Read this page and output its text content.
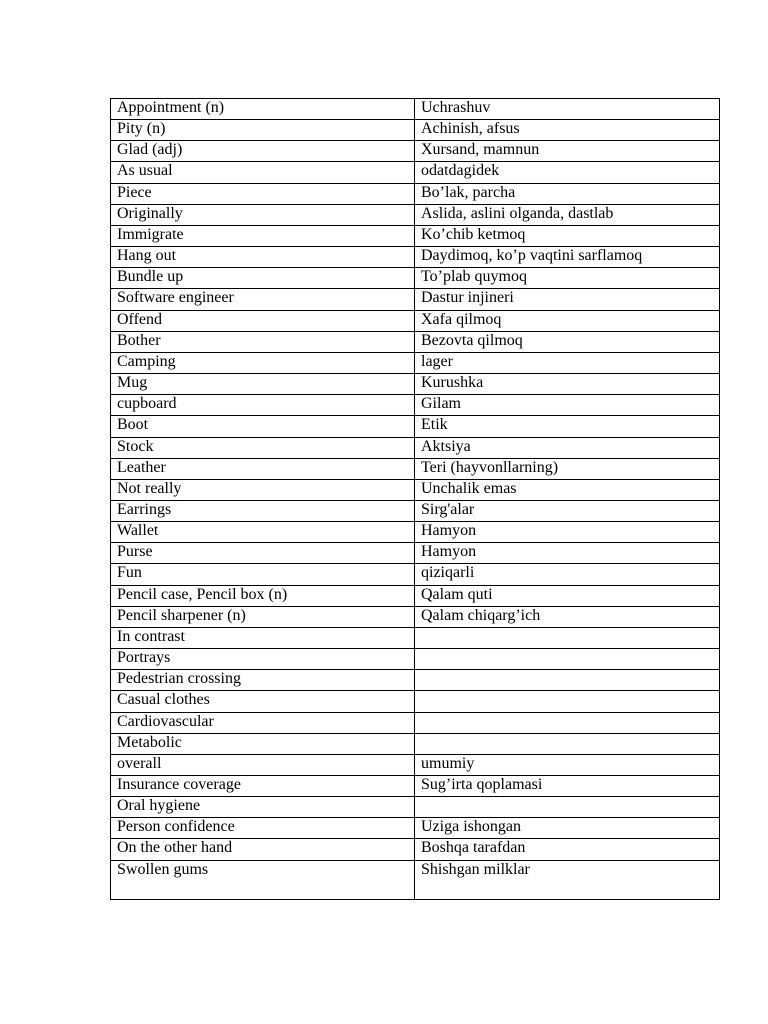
Appointment (n)	Uchrashuv
Pity (n)	Achinish, afsus
Glad (adj)	Xursand, mamnun
As usual	odatdagidek
Piece	Bo’lak, parcha
Originally	Aslida, aslini olganda, dastlab
Immigrate	Ko’chib ketmoq
Hang out	Daydimoq, ko’p vaqtini sarflamoq
Bundle up	To’plab quymoq
Software engineer	Dastur injineri
Offend	Xafa qilmoq
Bother	Bezovta qilmoq
Camping	lager
Mug	Kurushka
cupboard	Gilam
Boot	Etik
Stock	Aktsiya
Leather	Teri (hayvonllarning)
Not really	Unchalik emas
Earrings	Sirg'alar
Wallet	Hamyon
Purse	Hamyon
Fun	qiziqarli
Pencil case, Pencil box (n)	Qalam quti
Pencil sharpener (n)	Qalam chiqarg’ich
In contrast	
Portrays	
Pedestrian crossing	
Casual clothes	
Cardiovascular	
Metabolic	
overall	umumiy
Insurance coverage	Sug’irta qoplamasi
Oral hygiene	
Person confidence	Uziga ishongan
On the other hand	Boshqa tarafdan
Swollen gums	Shishgan milklar
